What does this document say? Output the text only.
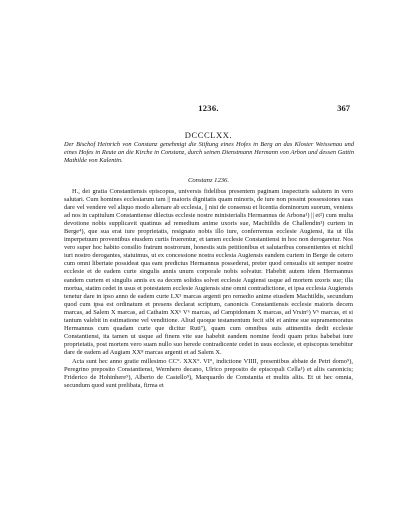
1236.	367
DCCCLXX.
Der Bischof Heinrich von Constanz genehmigt die Stiftung eines Hofes in Berg an das Kloster Weissenau und eines Hofes in Reute an die Kirche in Constanz, durch seinen Dienstmann Hermann von Arbon und dessen Gattin Mathilde von Kalentin.
Constanz 1236.

H., dei gratia Constantiensis episcopus, universis fidelibus presentem paginam inspecturis salutem in vero salutari. Cum homines ecclesiarum tam || maioris dignitatis quam minoris, de iure non possint possessiones suas dare vel vendere vel aliquo modo alienare ab ecclesia, || nisi de consensu et licentia dominorum suorum, veniens ad nos in capitulum Constantiense dilectus ecclesie nostre ministerialis Hermannus de Arbona¹) || et²) cum multa devotione nobis supplicavit quatinus ad remedium anime uxoris sue, Machtildis de Challendin³) curtem in Berge⁴), que sua erat iure proprietatis, resignato nobis illo iure, conferremus ecclesie Augiensi, ita ut illa imperpetuum proventibus eiusdem curtis fruerentur, et tamen ecclesie Constantiensi in hoc non derogaretur. Nos vero super hoc habito consilio fratrum nostrorum, honestis suis petitionibus et salutaribus consentientes et nichil iuri nostro derogantes, statuimus, ut ex concessione nostra ecclesia Augiensis eandem curtem in Berge de cetero cum omni libertate possideat qua eam predictus Hermannus possederat, preter quod censualis sit semper nostre ecclesie et de eadem curte singulis annis unum corporale nobis solvatur. Habebit autem idem Hermannus eandem curtem et singulis annis ex ea decem solidos solvet ecclesie Augiensi usque ad mortem uxoris sue; illa mortua, statim cedet in usus et potestatem ecclesie Augiensis sine omni contradictione, et ipsa ecclesia Augiensis tenetur dare in ipso anno de eadem curte LX⁵ marcas argenti pro remedio anime eiusdem Machtildis, secundum quod cum ipsa est ordinatum et presens declarat scriptum, canonicis Constantiensis ecclesie maioris decem marcas, ad Salem X marcas, ad Cathaim XX⁶ V⁶ marcas, ad Campidonam X marcas, ad Vrsin⁶) V⁶ marcas, et si tantum valebit in estimatione vel venditione. Aliud quoque testamentum fecit sibi et anime sue supramemoratus Hermannus cum quadam curte que dicitur Ruti⁷), quam cum omnibus suis attinentiis dedit ecclesie Constantiensi, ita tamen ut usque ad finem vite sue habebit eandem nomine feodi quam prius habebat iure proprietatis, post mortem vero suam nullo suo herede contradicente cedet in usus ecclesie, et episcopus tenebitur dare de eadem ad Augiam XX⁸ marcas argenti et ad Salem X.

Acta sunt hec anno gratie millesimo CC°. XXX°. VI°, indictione VIIII, presentibus abbate de Petri domo⁹), Peregrino preposito Constantiensi, Wernhero decano, Ulrico preposito de episcopali Cella¹) et aliis canonicis; Friderico de Hohinhere⁹), Alberto de Castello⁹), Marquardo de Constantia et multis aliis. Et ut hec omnia, secundum quod sunt prelibata, firma et
